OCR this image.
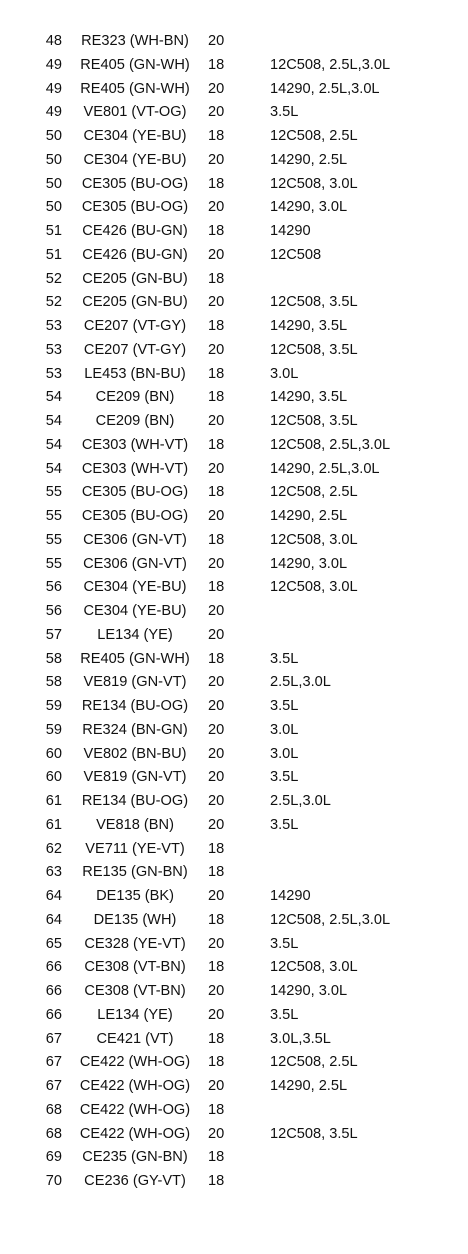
48	RE323 (WH-BN)	20	
49	RE405 (GN-WH)	18	12C508, 2.5L,3.0L
49	RE405 (GN-WH)	20	14290, 2.5L,3.0L
49	VE801 (VT-OG)	20	3.5L
50	CE304 (YE-BU)	18	12C508, 2.5L
50	CE304 (YE-BU)	20	14290, 2.5L
50	CE305 (BU-OG)	18	12C508, 3.0L
50	CE305 (BU-OG)	20	14290, 3.0L
51	CE426 (BU-GN)	18	14290
51	CE426 (BU-GN)	20	12C508
52	CE205 (GN-BU)	18	
52	CE205 (GN-BU)	20	12C508, 3.5L
53	CE207 (VT-GY)	18	14290, 3.5L
53	CE207 (VT-GY)	20	12C508, 3.5L
53	LE453 (BN-BU)	18	3.0L
54	CE209 (BN)	18	14290, 3.5L
54	CE209 (BN)	20	12C508, 3.5L
54	CE303 (WH-VT)	18	12C508, 2.5L,3.0L
54	CE303 (WH-VT)	20	14290, 2.5L,3.0L
55	CE305 (BU-OG)	18	12C508, 2.5L
55	CE305 (BU-OG)	20	14290, 2.5L
55	CE306 (GN-VT)	18	12C508, 3.0L
55	CE306 (GN-VT)	20	14290, 3.0L
56	CE304 (YE-BU)	18	12C508, 3.0L
56	CE304 (YE-BU)	20	
57	LE134 (YE)	20	
58	RE405 (GN-WH)	18	3.5L
58	VE819 (GN-VT)	20	2.5L,3.0L
59	RE134 (BU-OG)	20	3.5L
59	RE324 (BN-GN)	20	3.0L
60	VE802 (BN-BU)	20	3.0L
60	VE819 (GN-VT)	20	3.5L
61	RE134 (BU-OG)	20	2.5L,3.0L
61	VE818 (BN)	20	3.5L
62	VE711 (YE-VT)	18	
63	RE135 (GN-BN)	18	
64	DE135 (BK)	20	14290
64	DE135 (WH)	18	12C508, 2.5L,3.0L
65	CE328 (YE-VT)	20	3.5L
66	CE308 (VT-BN)	18	12C508, 3.0L
66	CE308 (VT-BN)	20	14290, 3.0L
66	LE134 (YE)	20	3.5L
67	CE421 (VT)	18	3.0L,3.5L
67	CE422 (WH-OG)	18	12C508, 2.5L
67	CE422 (WH-OG)	20	14290, 2.5L
68	CE422 (WH-OG)	18	
68	CE422 (WH-OG)	20	12C508, 3.5L
69	CE235 (GN-BN)	18	
70	CE236 (GY-VT)	18	
